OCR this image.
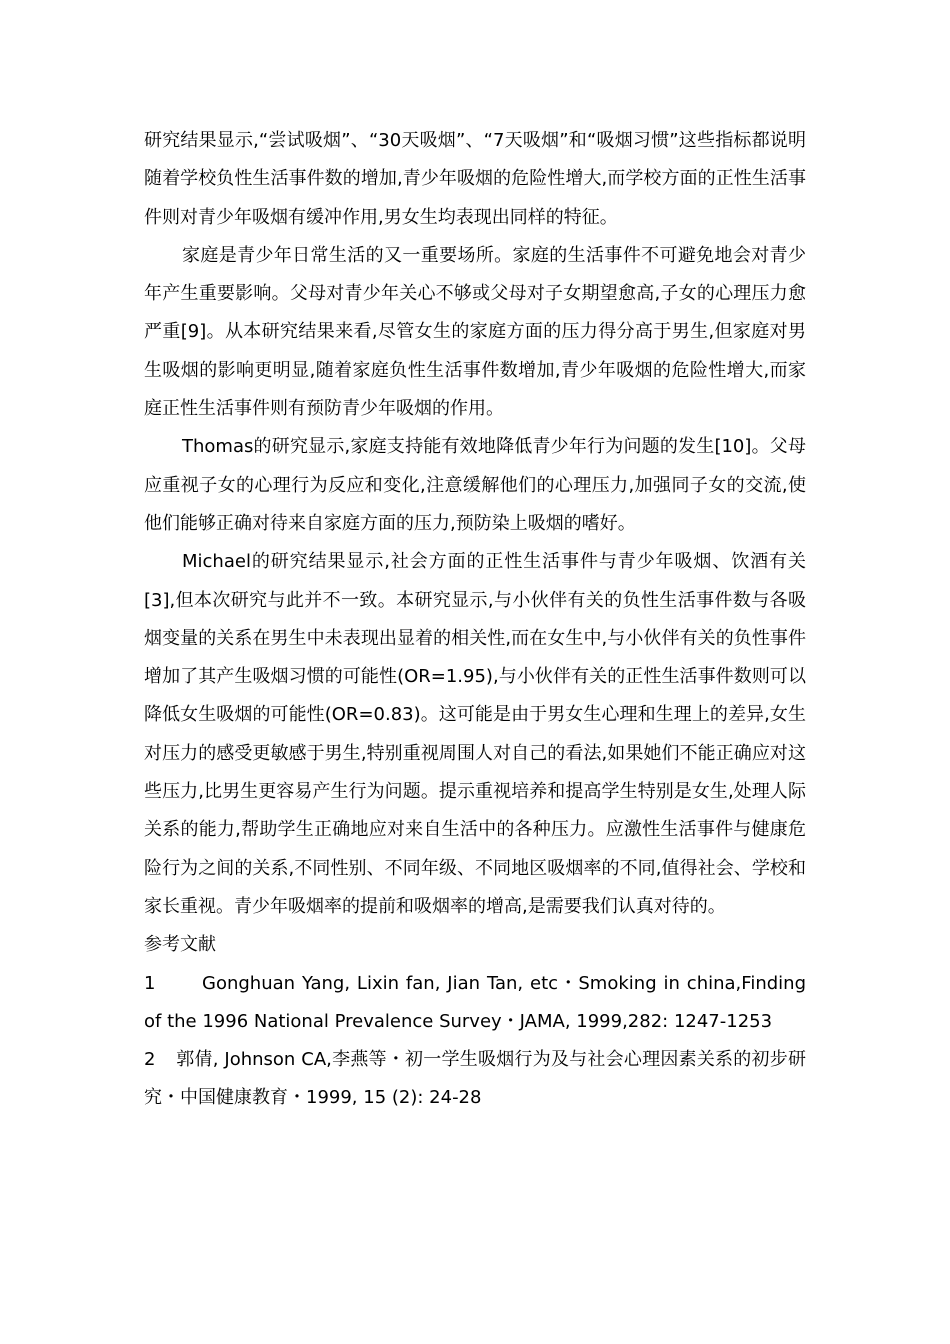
研究结果显示,“尝试吸烟”、“30天吸烟”、“7天吸烟”和“吸烟习惯”这些指标都说明随着学校负性生活事件数的增加,青少年吸烟的危险性增大,而学校方面的正性生活事件则对青少年吸烟有缓冲作用,男女生均表现出同样的特征。

家庭是青少年日常生活的又一重要场所。家庭的生活事件不可避免地会对青少年产生重要影响。父母对青少年关心不够或父母对子女期望愈高,子女的心理压力愈严重[9]。从本研究结果来看,尽管女生的家庭方面的压力得分高于男生,但家庭对男生吸烟的影响更明显,随着家庭负性生活事件数增加,青少年吸烟的危险性增大,而家庭正性生活事件则有预防青少年吸烟的作用。

Thomas的研究显示,家庭支持能有效地降低青少年行为问题的发生[10]。父母应重视子女的心理行为反应和变化,注意缓解他们的心理压力,加强同子女的交流,使他们能够正确对待来自家庭方面的压力,预防染上吸烟的嗜好。

Michael的研究结果显示,社会方面的正性生活事件与青少年吸烟、饮酒有关[3],但本次研究与此并不一致。本研究显示,与小伙伴有关的负性生活事件数与各吸烟变量的关系在男生中未表现出显着的相关性,而在女生中,与小伙伴有关的负性事件增加了其产生吸烟习惯的可能性(OR=1.95),与小伙伴有关的正性生活事件数则可以降低女生吸烟的可能性(OR=0.83)。这可能是由于男女生心理和生理上的差异,女生对压力的感受更敏感于男生,特别重视周围人对自己的看法,如果她们不能正确应对这些压力,比男生更容易产生行为问题。提示重视培养和提高学生特别是女生,处理人际关系的能力,帮助学生正确地应对来自生活中的各种压力。应激性生活事件与健康危险行为之间的关系,不同性别、不同年级、不同地区吸烟率的不同,值得社会、学校和家长重视。青少年吸烟率的提前和吸烟率的增高,是需要我们认真对待的。

参考文献

1	Gonghuan Yang, Lixin fan, Jian Tan, etc・Smoking in china,Finding of the 1996 National Prevalence Survey・JAMA, 1999,282: 1247-1253

2 郭倩, Johnson CA,李燕等・初一学生吸烟行为及与社会心理因素关系的初步研究・中国健康教育・1999, 15 (2): 24-28
